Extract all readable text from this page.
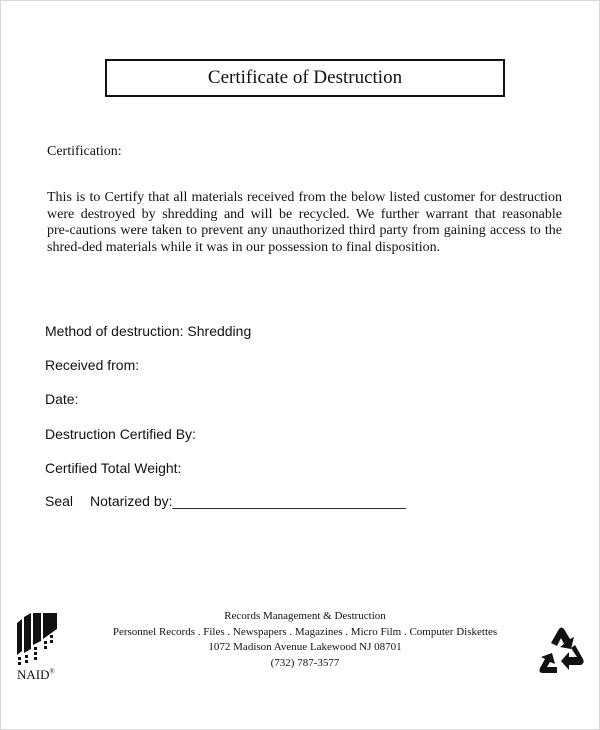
Certificate of Destruction
Certification:
This is to Certify that all materials received from the below listed customer for destruction
were destroyed by shredding and will be recycled. We further warrant that reasonable
pre-cautions were taken to prevent any unauthorized third party from gaining access to the
shred-ded materials while it was in our possession to final disposition.
Method of destruction: Shredding
Received from:
Date:
Destruction Certified By:
Certified Total Weight:
Seal Notarized by:______________________________
NAID®
Records Management & Destruction
Personnel Records . Files . Newspapers . Magazines . Micro Film . Computer Diskettes
1072 Madison Avenue Lakewood NJ 08701
(732) 787-3577
